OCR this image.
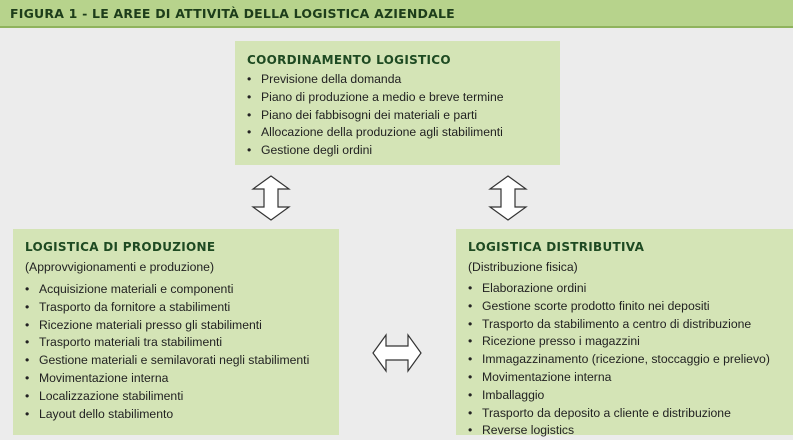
FIGURA 1 - LE AREE DI ATTIVITÀ DELLA LOGISTICA AZIENDALE
COORDINAMENTO LOGISTICO
• Previsione della domanda
• Piano di produzione a medio e breve termine
• Piano dei fabbisogni dei materiali e parti
• Allocazione della produzione agli stabilimenti
• Gestione degli ordini
LOGISTICA DI PRODUZIONE
(Approvvigionamenti e produzione)
• Acquisizione materiali e componenti
• Trasporto da fornitore a stabilimenti
• Ricezione materiali presso gli stabilimenti
• Trasporto materiali tra stabilimenti
• Gestione materiali e semilavorati negli stabilimenti
• Movimentazione interna
• Localizzazione stabilimenti
• Layout dello stabilimento
LOGISTICA DISTRIBUTIVA
(Distribuzione fisica)
• Elaborazione ordini
• Gestione scorte prodotto finito nei depositi
• Trasporto da stabilimento a centro di distribuzione
• Ricezione presso i magazzini
• Immagazzinamento (ricezione, stoccaggio e prelievo)
• Movimentazione interna
• Imballaggio
• Trasporto da deposito a cliente e distribuzione
• Reverse logistics
